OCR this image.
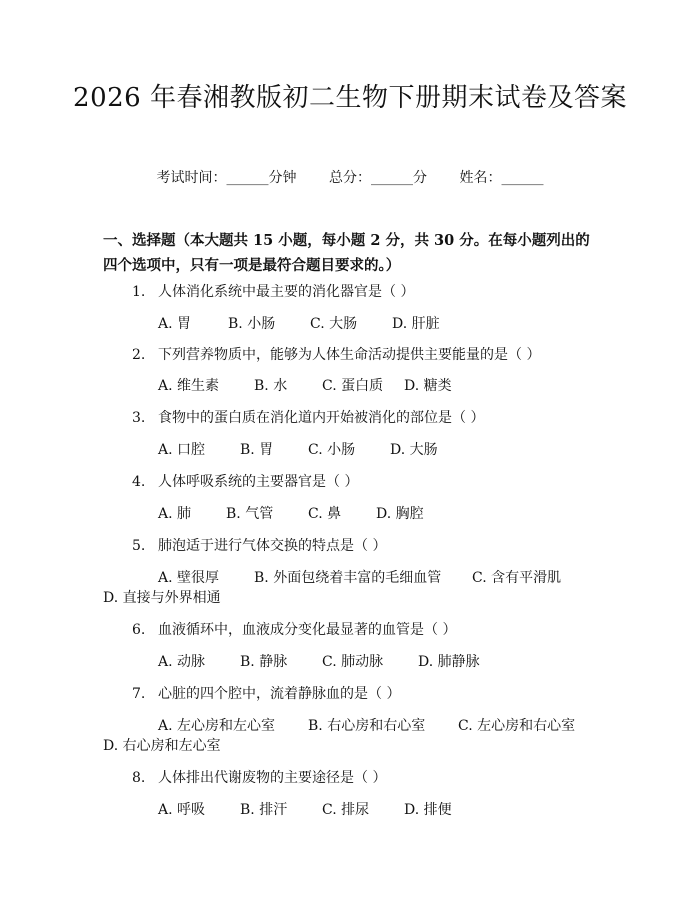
2026 年春湘教版初二生物下册期末试卷及答案
考试时间：______分钟 总分：______分 姓名：______
一、选择题（本大题共 15 小题，每小题 2 分，共 30 分。在每小题列出的四个选项中，只有一项是最符合题目要求的。）
1. 人体消化系统中最主要的消化器官是（ ）
A. 胃	B. 小肠 C. 大肠 D. 肝脏
2. 下列营养物质中，能够为人体生命活动提供主要能量的是（ ）
A. 维生素 B. 水 C. 蛋白质 D. 糖类
3. 食物中的蛋白质在消化道内开始被消化的部位是（ ）
A. 口腔 B. 胃 C. 小肠 D. 大肠
4. 人体呼吸系统的主要器官是（ ）
A. 肺 B. 气管 C. 鼻 D. 胸腔
5. 肺泡适于进行气体交换的特点是（ ）
A. 壁很厚 B. 外面包绕着丰富的毛细血管 C. 含有平滑肌
D. 直接与外界相通
6. 血液循环中，血液成分变化最显著的血管是（ ）
A. 动脉 B. 静脉 C. 肺动脉 D. 肺静脉
7. 心脏的四个腔中，流着静脉血的是（ ）
A. 左心房和左心室 B. 右心房和右心室 C. 左心房和右心室
D. 右心房和左心室
8. 人体排出代谢废物的主要途径是（ ）
A. 呼吸 B. 排汗 C. 排尿 D. 排便
